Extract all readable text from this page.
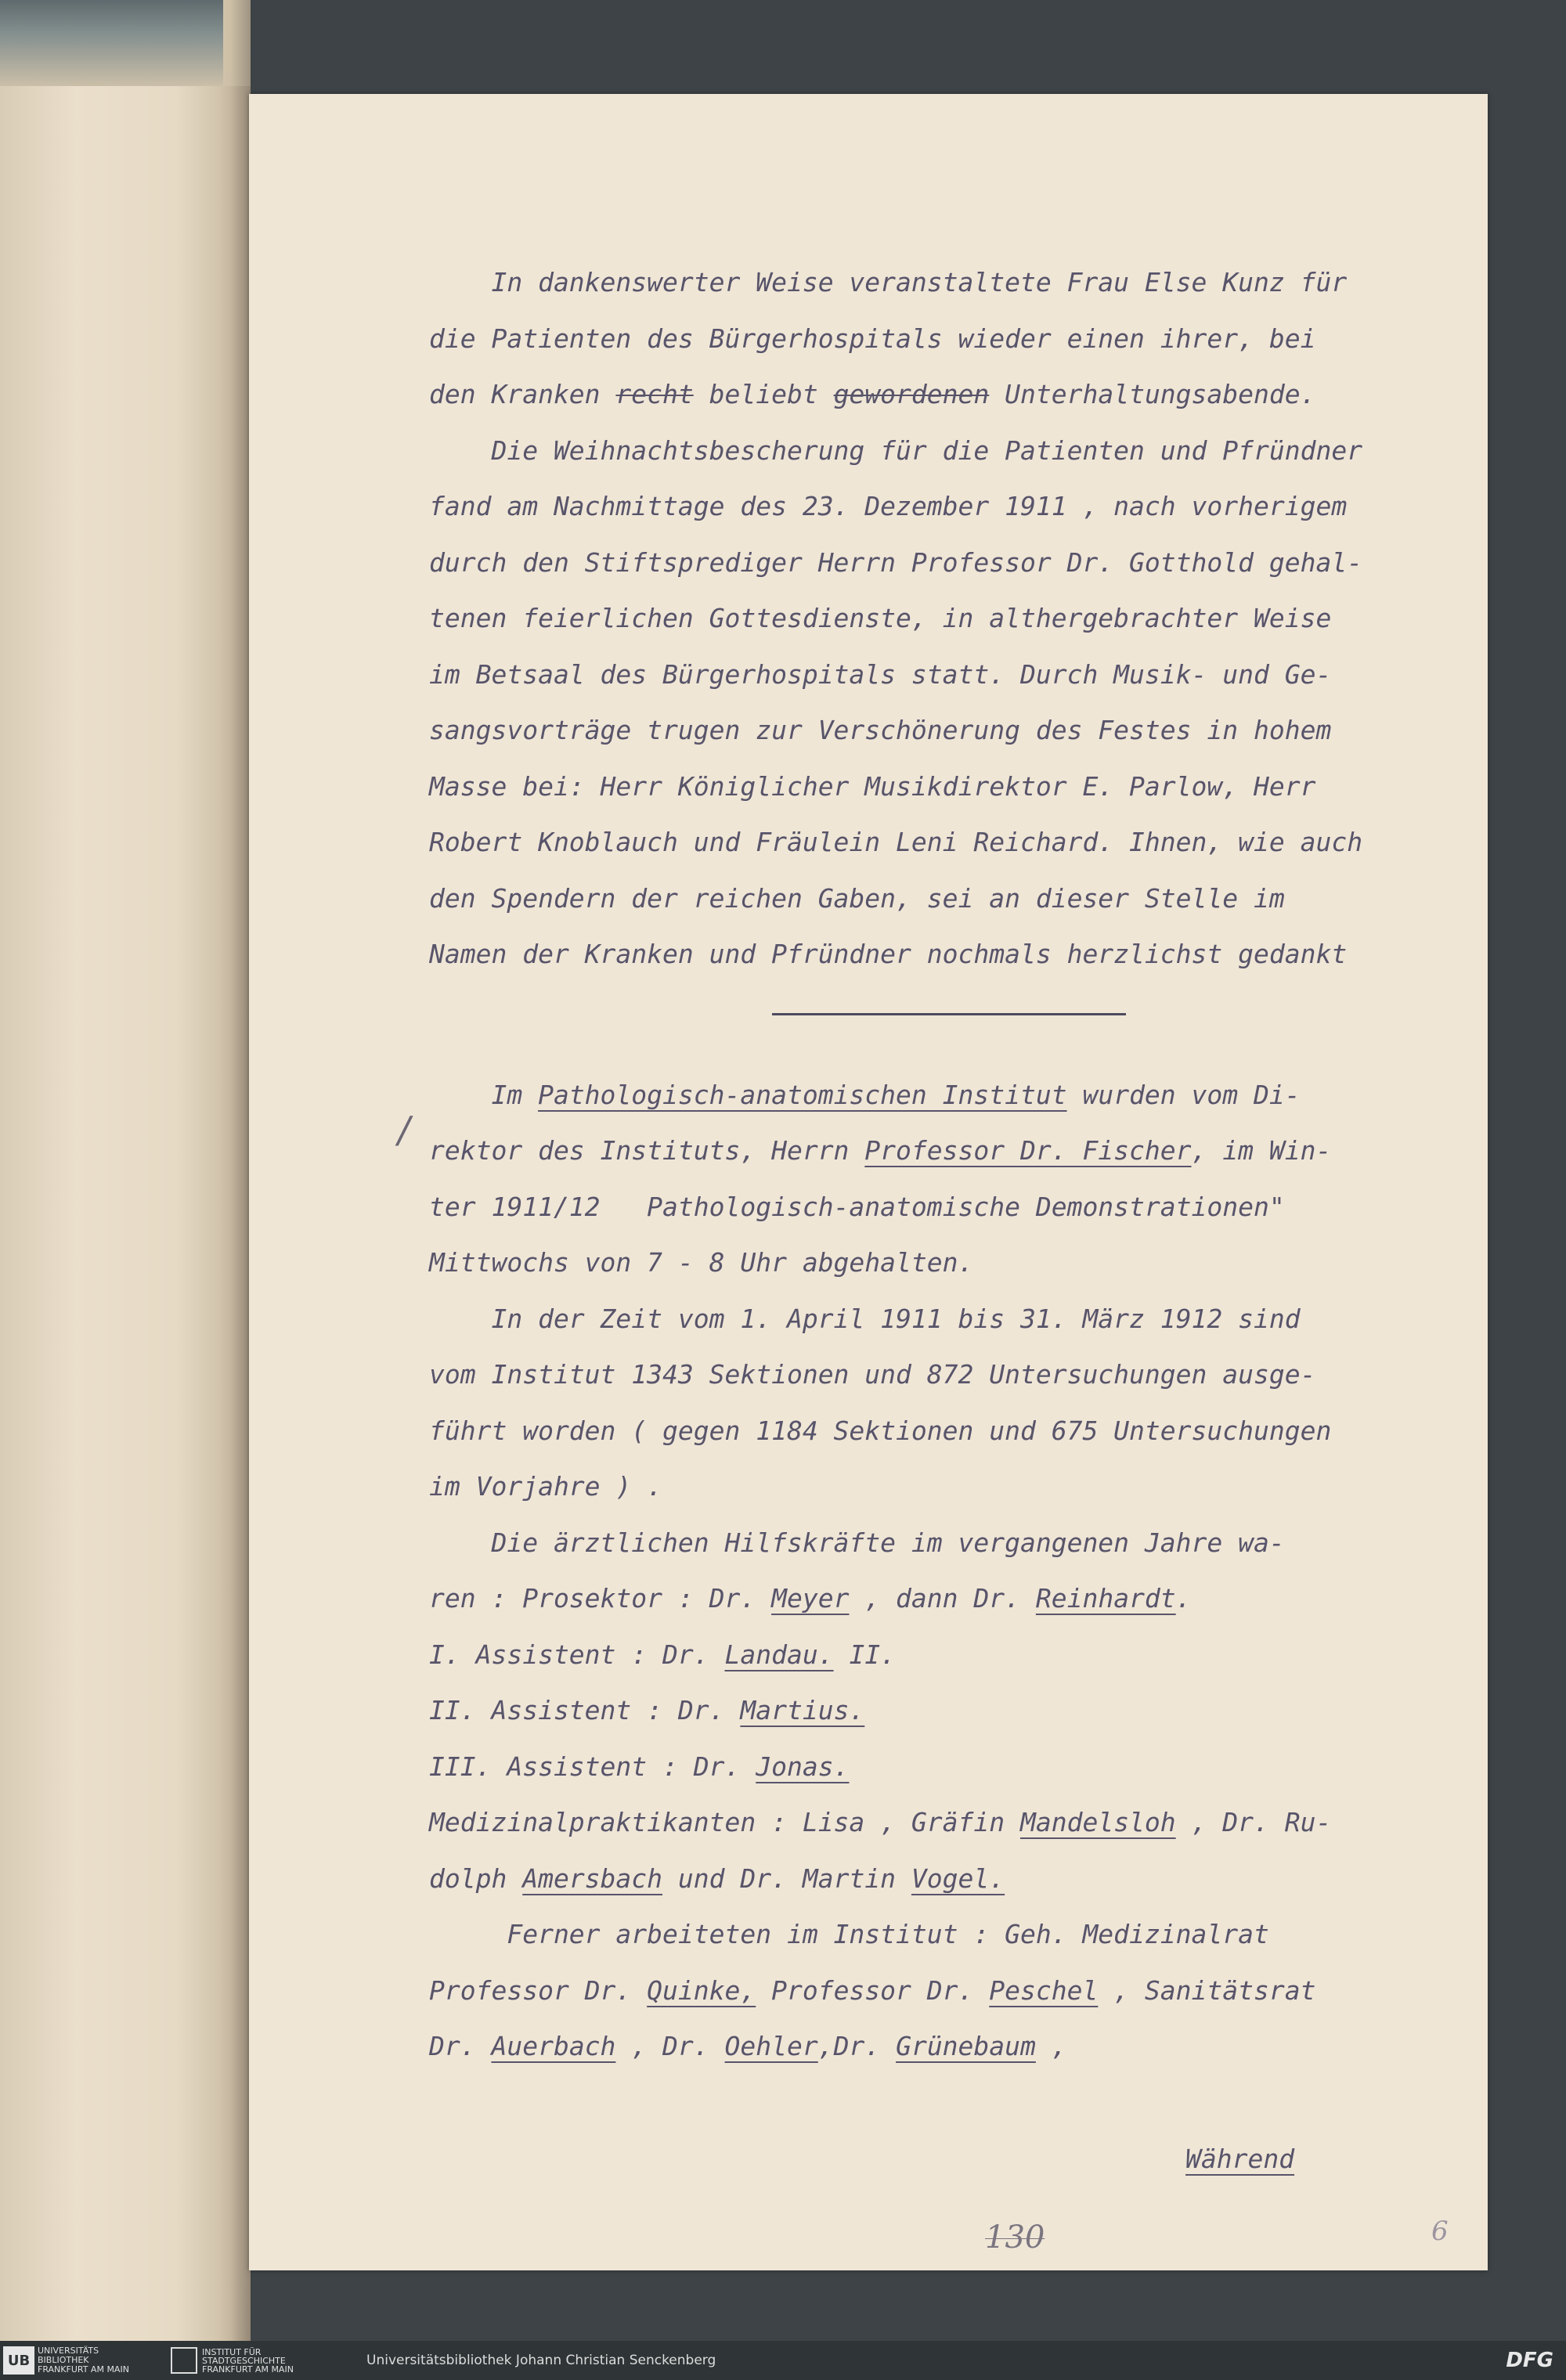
In dankenswerter Weise veranstaltete Frau Else Kunz für
die Patienten des Bürgerhospitals wieder einen ihrer, bei
den Kranken recht beliebt gewordenen Unterhaltungsabende.
Die Weihnachtsbescherung für die Patienten und Pfründner
fand am Nachmittage des 23. Dezember 1911 , nach vorherigem
durch den Stiftsprediger Herrn Professor Dr. Gotthold gehal-
tenen feierlichen Gottesdienste, in althergebrachter Weise
im Betsaal des Bürgerhospitals statt. Durch Musik- und Ge-
sangsvorträge trugen zur Verschönerung des Festes in hohem
Masse bei: Herr Königlicher Musikdirektor E. Parlow, Herr
Robert Knoblauch und Fräulein Leni Reichard. Ihnen, wie auch
den Spendern der reichen Gaben, sei an dieser Stelle im
Namen der Kranken und Pfründner nochmals herzlichst gedankt
Im Pathologisch-anatomischen Institut wurden vom Di-
rektor des Instituts, Herrn Professor Dr. Fischer, im Win-
ter 1911/12   Pathologisch-anatomische Demonstrationen"
Mittwochs von 7 - 8 Uhr abgehalten.
In der Zeit vom 1. April 1911 bis 31. März 1912 sind
vom Institut 1343 Sektionen und 872 Untersuchungen ausge-
führt worden ( gegen 1184 Sektionen und 675 Untersuchungen
im Vorjahre ) .
Die ärztlichen Hilfskräfte im vergangenen Jahre wa-
ren : Prosektor : Dr. Meyer , dann Dr. Reinhardt.
I. Assistent : Dr. Landau. II.
II. Assistent : Dr. Martius.
III. Assistent : Dr. Jonas.
Medizinalpraktikanten : Lisa , Gräfin Mandelsloh , Dr. Ru-
dolph Amersbach und Dr. Martin Vogel.
Ferner arbeiteten im Institut : Geh. Medizinalrat
Professor Dr. Quinke, Professor Dr. Peschel , Sanitätsrat
Dr. Auerbach , Dr. Oehler,Dr. Grünebaum ,
Während
/
130	6
UB
UNIVERSITÄTS
BIBLIOTHEK
FRANKFURT AM MAIN
INSTITUT FÜR
STADTGESCHICHTE
FRANKFURT AM MAIN
Universitätsbibliothek Johann Christian Senckenberg	DFG
